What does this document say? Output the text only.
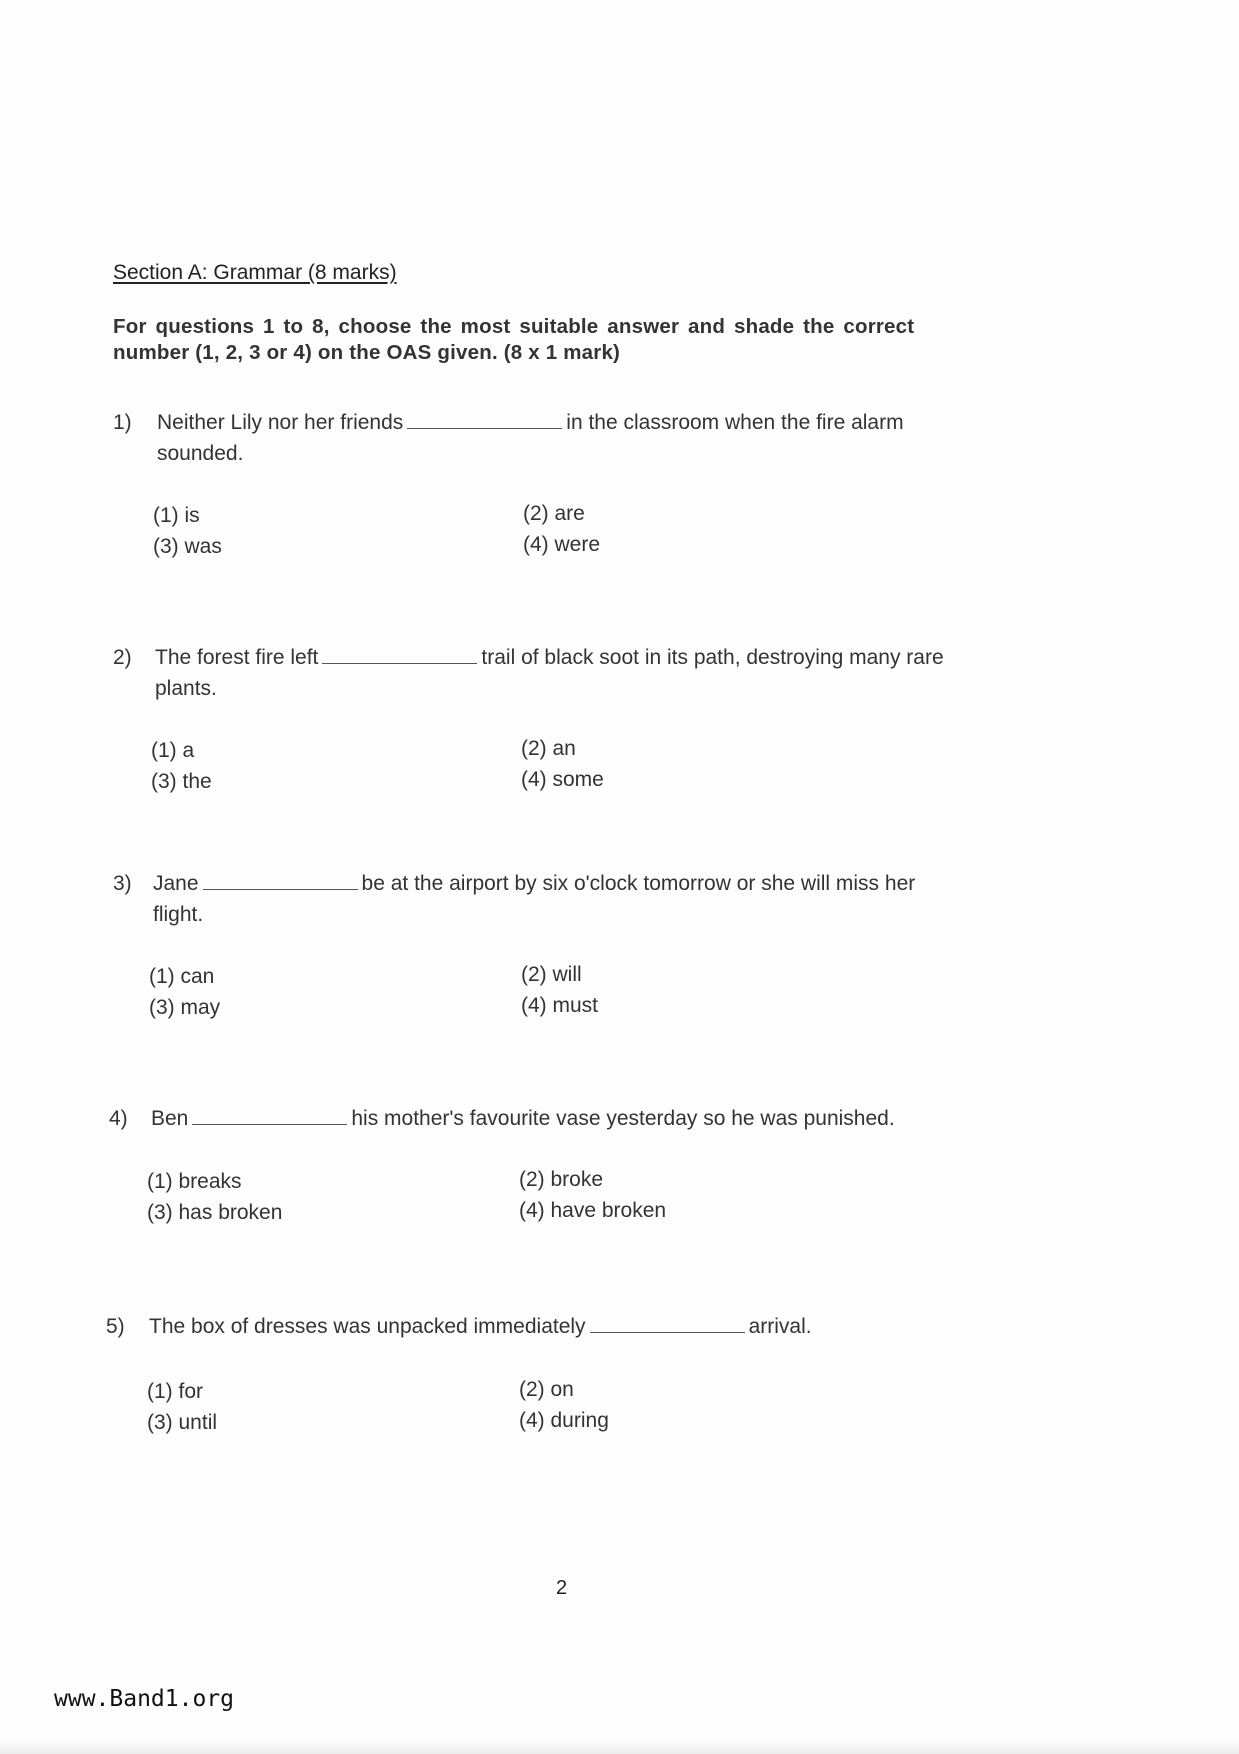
Section A: Grammar (8 marks)
For questions 1 to 8, choose the most suitable answer and shade the correct
number (1, 2, 3 or 4) on the OAS given. (8 x 1 mark)
1) Neither Lily nor her friends	in the classroom when the fire alarm
sounded.
(1) is	(2) are
(3) was	(4) were
2) The forest fire left	trail of black soot in its path, destroying many rare
plants.
(1) a	(2) an
(3) the	(4) some
3) Jane	be at the airport by six o'clock tomorrow or she will miss her
flight.
(1) can	(2) will
(3) may	(4) must
4) Ben	his mother's favourite vase yesterday so he was punished.
(1) breaks	(2) broke
(3) has broken	(4) have broken
5) The box of dresses was unpacked immediately	arrival.
(1) for	(2) on
(3) until	(4) during
2
www.Band1.org
